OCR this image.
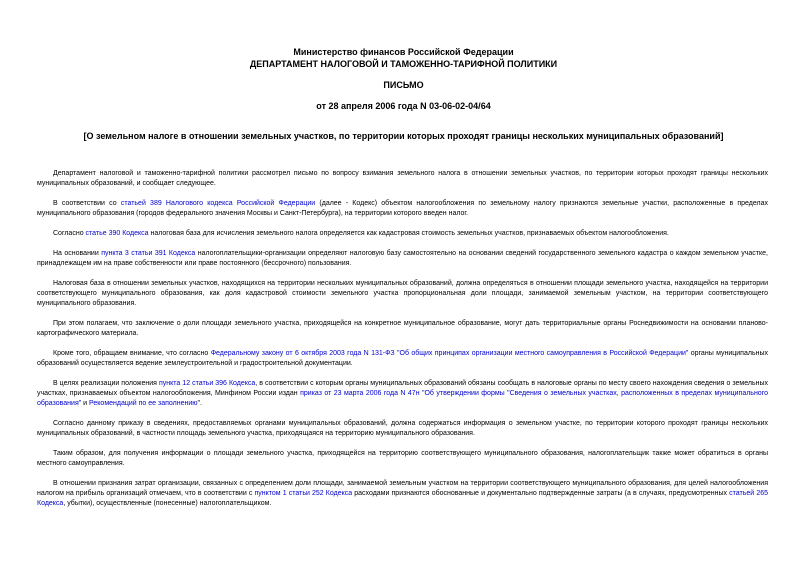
Министерство финансов Российской Федерации
ДЕПАРТАМЕНТ НАЛОГОВОЙ И ТАМОЖЕННО-ТАРИФНОЙ ПОЛИТИКИ
ПИСЬМО
от 28 апреля 2006 года N 03-06-02-04/64
[О земельном налоге в отношении земельных участков, по территории которых проходят границы нескольких муниципальных образований]

Департамент налоговой и таможенно-тарифной политики рассмотрел письмо по вопросу взимания земельного налога в отношении земельных участков, по территории которых проходят границы нескольких муниципальных образований, и сообщает следующее.

В соответствии со статьей 389 Налогового кодекса Российской Федерации (далее - Кодекс) объектом налогообложения по земельному налогу признаются земельные участки, расположенные в пределах муниципального образования (городов федерального значения Москвы и Санкт-Петербурга), на территории которого введен налог.

Согласно статье 390 Кодекса налоговая база для исчисления земельного налога определяется как кадастровая стоимость земельных участков, признаваемых объектом налогообложения.

На основании пункта 3 статьи 391 Кодекса налогоплательщики-организации определяют налоговую базу самостоятельно на основании сведений государственного земельного кадастра о каждом земельном участке, принадлежащем им на праве собственности или праве постоянного (бессрочного) пользования.

Налоговая база в отношении земельных участков, находящихся на территории нескольких муниципальных образований, должна определяться в отношении площади земельного участка, находящейся на территории соответствующего муниципального образования, как доля кадастровой стоимости земельного участка пропорциональная доли площади, занимаемой земельным участком, на территории соответствующего муниципального образования.

При этом полагаем, что заключение о доли площади земельного участка, приходящейся на конкретное муниципальное образование, могут дать территориальные органы Роснедвижимости на основании планово-картографического материала.

Кроме того, обращаем внимание, что согласно Федеральному закону от 6 октября 2003 года N 131-ФЗ "Об общих принципах организации местного самоуправления в Российской Федерации" органы муниципальных образований осуществляется ведение землеустроительной и градостроительной документации.

В целях реализации положения пункта 12 статьи 396 Кодекса, в соответствии с которым органы муниципальных образований обязаны сообщать в налоговые органы по месту своего нахождения сведения о земельных участках, признаваемых объектом налогообложения, Минфином России издан приказ от 23 марта 2006 года N 47н "Об утверждении формы "Сведения о земельных участках, расположенных в пределах муниципального образования" и Рекомендаций по ее заполнению".

Согласно данному приказу в сведениях, предоставляемых органами муниципальных образований, должна содержаться информация о земельном участке, по территории которого проходят границы нескольких муниципальных образований, в частности площадь земельного участка, приходящаяся на территорию муниципального образования.

Таким образом, для получения информации о площади земельного участка, приходящейся на территорию соответствующего муниципального образования, налогоплательщик также может обратиться в органы местного самоуправления.

В отношении признания затрат организации, связанных с определением доли площади, занимаемой земельным участком на территории соответствующего муниципального образования, для целей налогообложения налогом на прибыль организаций отмечаем, что в соответствии с пунктом 1 статьи 252 Кодекса расходами признаются обоснованные и документально подтвержденные затраты (а в случаях, предусмотренных статьей 265 Кодекса, убытки), осуществленные (понесенные) налогоплательщиком.
